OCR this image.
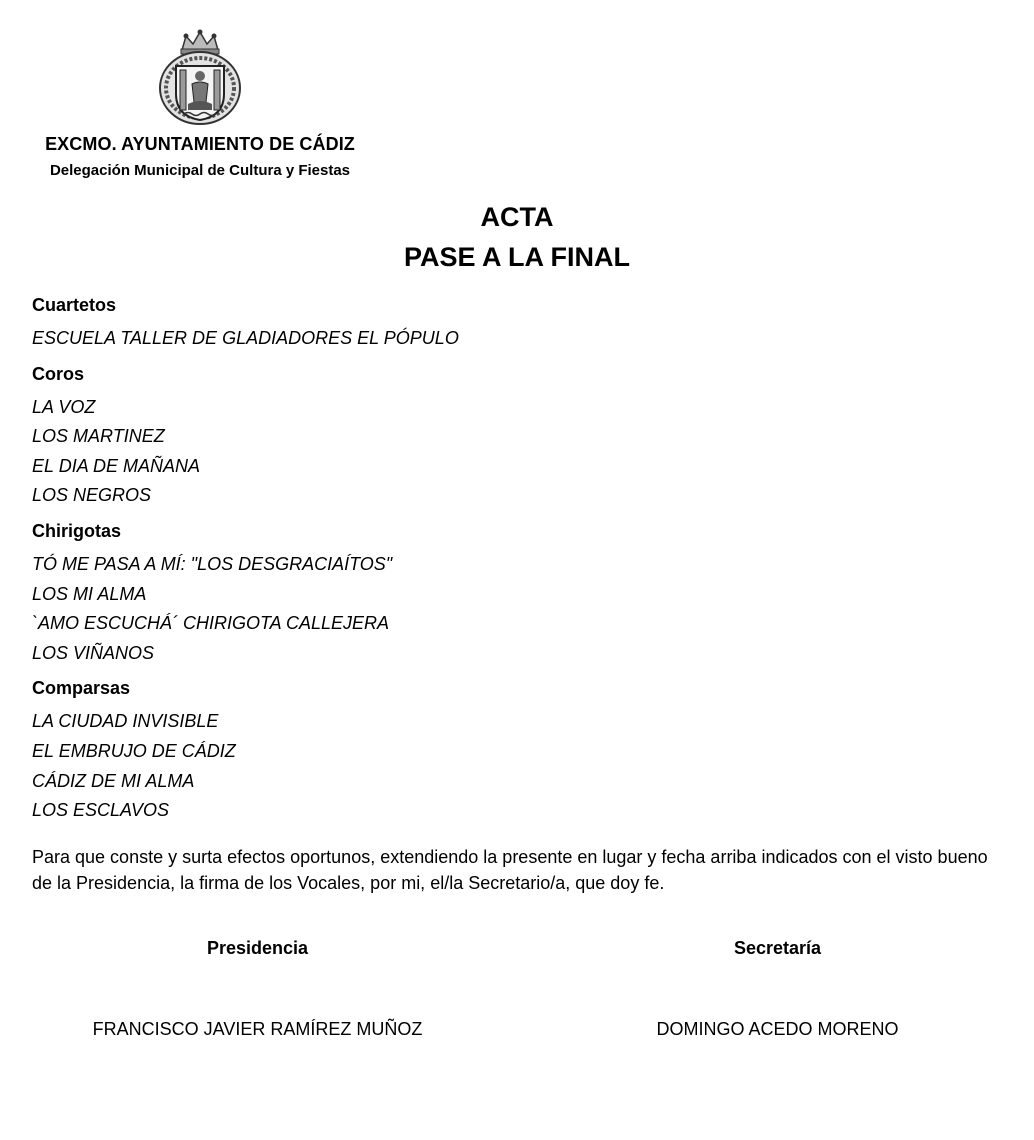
EXCMO. AYUNTAMIENTO DE CÁDIZ
Delegación Municipal de Cultura y Fiestas
ACTA
PASE A LA FINAL
Cuartetos
ESCUELA TALLER DE GLADIADORES EL PÓPULO
Coros
LA VOZ
LOS MARTINEZ
EL DIA DE MAÑANA
LOS NEGROS
Chirigotas
TÓ ME PASA A MÍ: "LOS DESGRACIAÍTOS"
LOS MI ALMA
`AMO ESCUCHÁ´ CHIRIGOTA CALLEJERA
LOS VIÑANOS
Comparsas
LA CIUDAD INVISIBLE
EL EMBRUJO DE CÁDIZ
CÁDIZ DE MI ALMA
LOS ESCLAVOS
Para que conste y surta efectos oportunos, extendiendo la presente en lugar y fecha arriba indicados con el visto bueno de la Presidencia, la firma de los Vocales, por mi, el/la Secretario/a, que doy fe.
Presidencia
FRANCISCO JAVIER RAMÍREZ MUÑOZ
Secretaría
DOMINGO ACEDO MORENO
